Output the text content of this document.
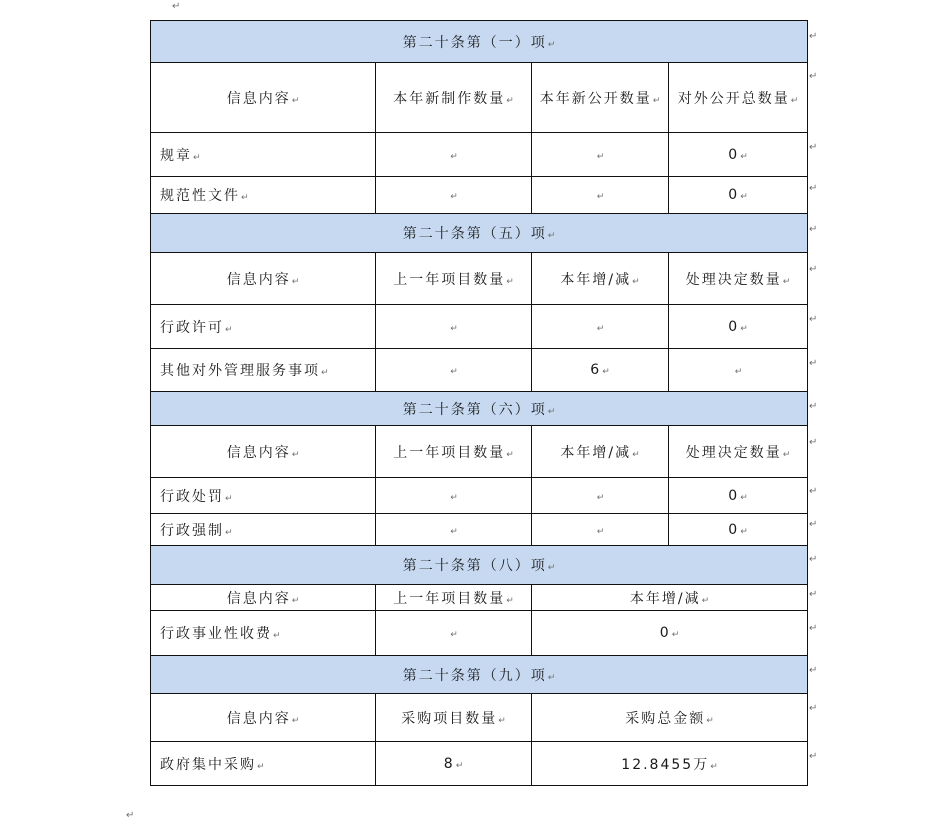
↵
第二十条第（一）项 ↵
信息内容 ↵	本年新制作数量 ↵	本年新公开数量 ↵	对外公开总数量 ↵
规章 ↵	↵	↵	0 ↵
规范性文件 ↵	↵	↵	0 ↵
第二十条第（五）项 ↵
信息内容 ↵	上一年项目数量 ↵	本年增/减 ↵	处理决定数量 ↵
行政许可 ↵	↵	↵	0 ↵
其他对外管理服务事项 ↵	↵	6 ↵	↵
第二十条第（六）项 ↵
信息内容 ↵	上一年项目数量 ↵	本年增/减 ↵	处理决定数量 ↵
行政处罚 ↵	↵	↵	0 ↵
行政强制 ↵	↵	↵	0 ↵
第二十条第（八）项 ↵
信息内容 ↵	上一年项目数量 ↵	本年增/减 ↵
行政事业性收费 ↵	↵	0 ↵
第二十条第（九）项 ↵
信息内容 ↵	采购项目数量 ↵	采购总金额 ↵
政府集中采购 ↵	8 ↵	12.8455万 ↵
↵
↵
↵
↵
↵
↵
↵
↵
↵
↵
↵
↵
↵
↵
↵
↵
↵
↵
↵
